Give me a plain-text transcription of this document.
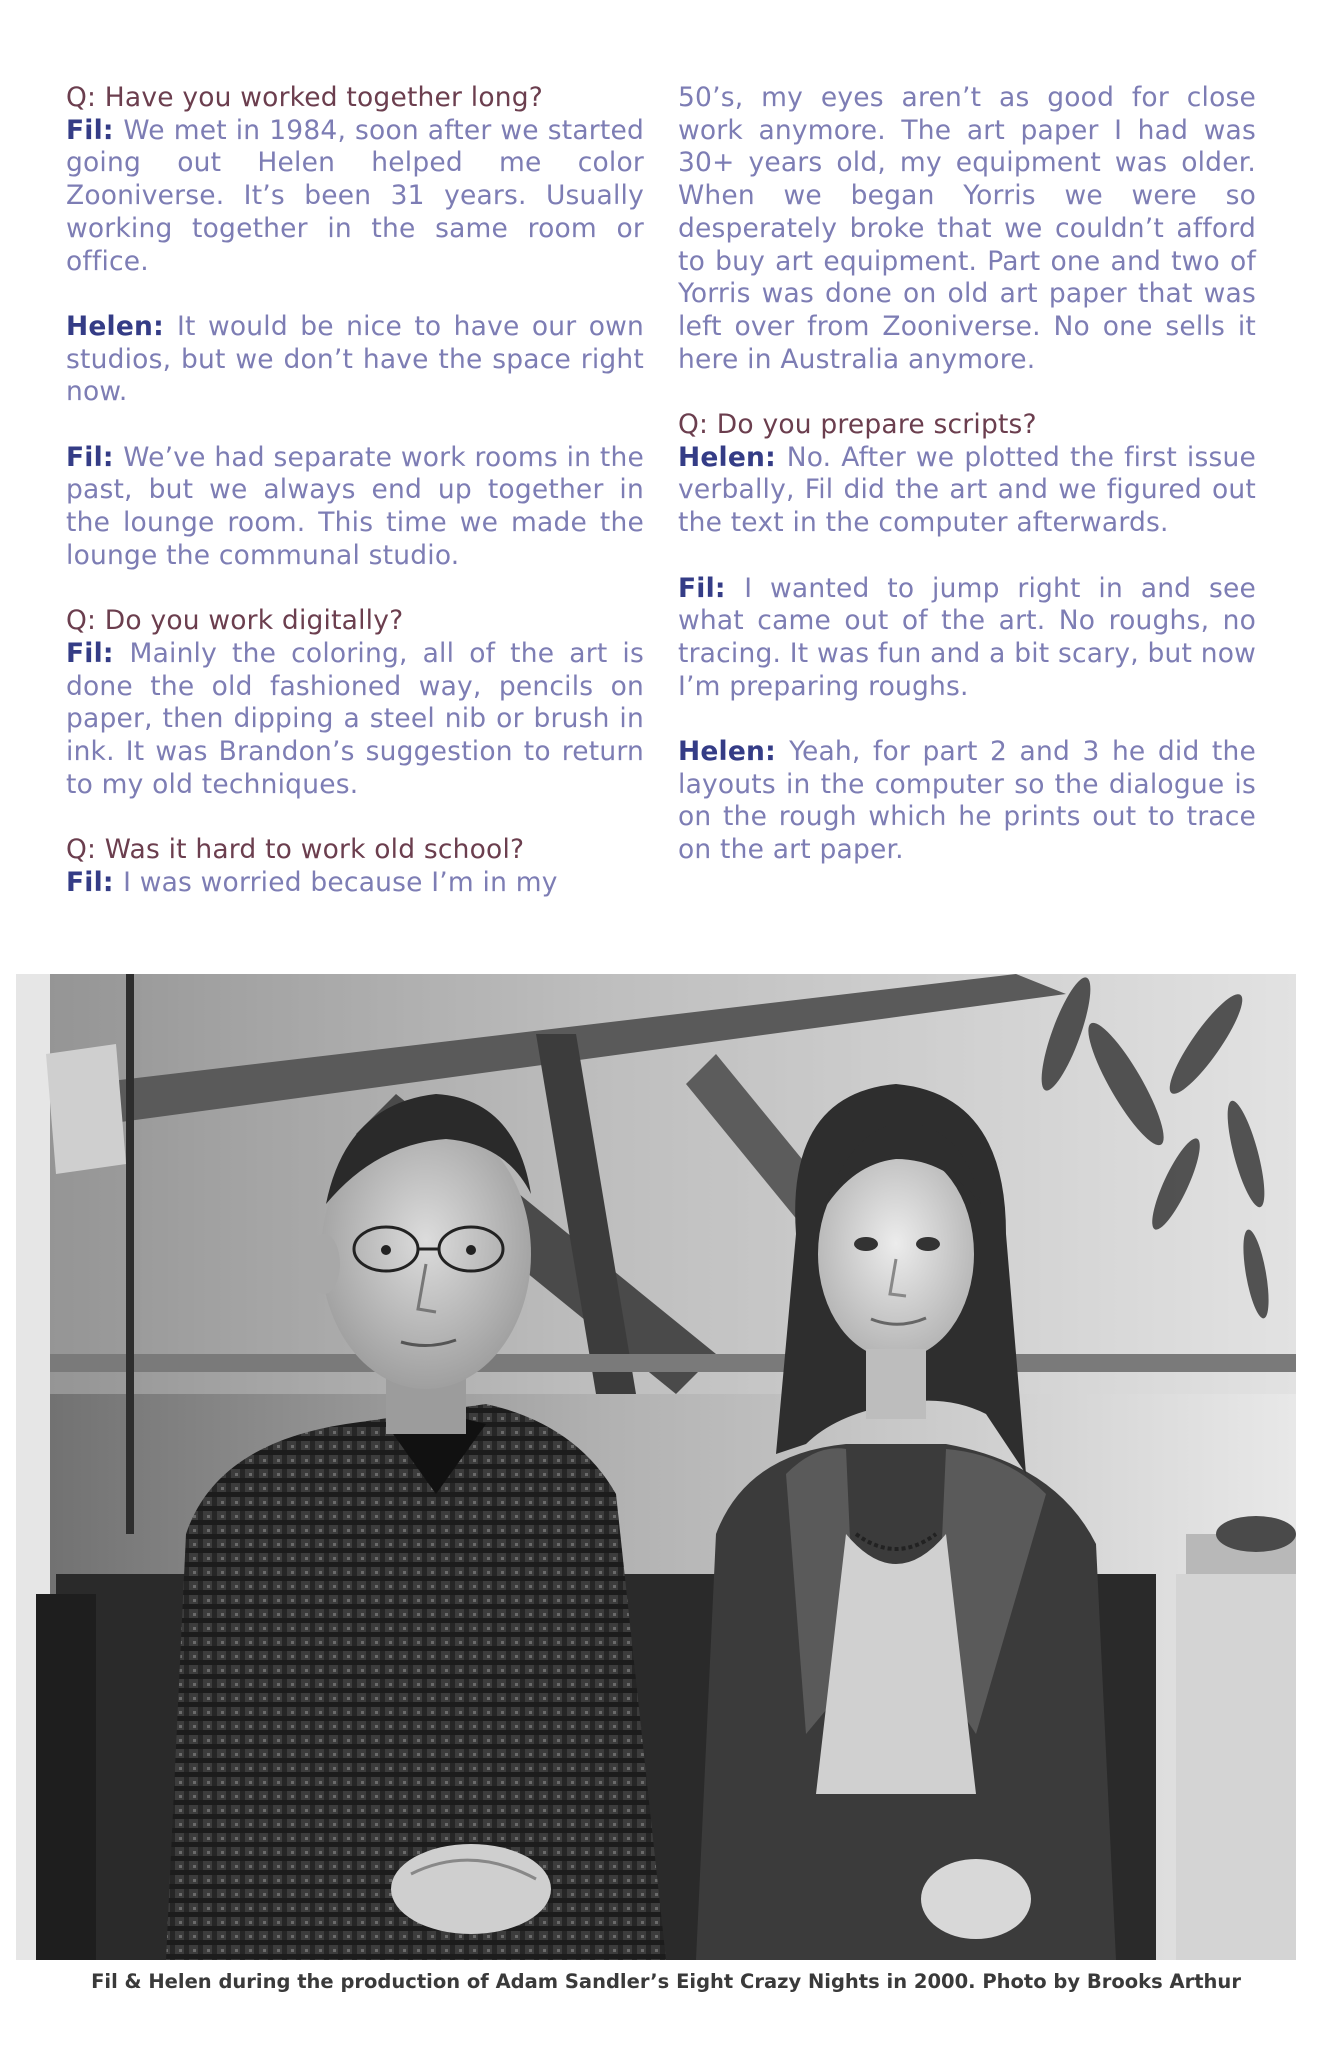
Q: Have you worked together long?
Fil: We met in 1984, soon after we started going out Helen helped me color Zooniverse. It’s been 31 years. Usually working together in the same room or office.
Helen: It would be nice to have our own studios, but we don’t have the space right now.
Fil: We’ve had separate work rooms in the past, but we always end up together in the lounge room. This time we made the lounge the communal studio.
Q: Do you work digitally?
Fil: Mainly the coloring, all of the art is done the old fashioned way, pencils on paper, then dipping a steel nib or brush in ink. It was Brandon’s suggestion to return to my old techniques.
Q: Was it hard to work old school?
Fil: I was worried because I’m in my
50’s, my eyes aren’t as good for close work anymore. The art paper I had was 30+ years old, my equipment was older. When we began Yorris we were so desperately broke that we couldn’t afford to buy art equipment. Part one and two of Yorris was done on old art paper that was left over from Zooniverse. No one sells it here in Australia anymore.
Q: Do you prepare scripts?
Helen: No. After we plotted the first issue verbally, Fil did the art and we figured out the text in the computer afterwards.
Fil: I wanted to jump right in and see what came out of the art. No roughs, no tracing. It was fun and a bit scary, but now I’m preparing roughs.
Helen: Yeah, for part 2 and 3 he did the layouts in the computer so the dialogue is on the rough which he prints out to trace on the art paper.
Fil & Helen during the production of Adam Sandler’s Eight Crazy Nights in 2000. Photo by Brooks Arthur
